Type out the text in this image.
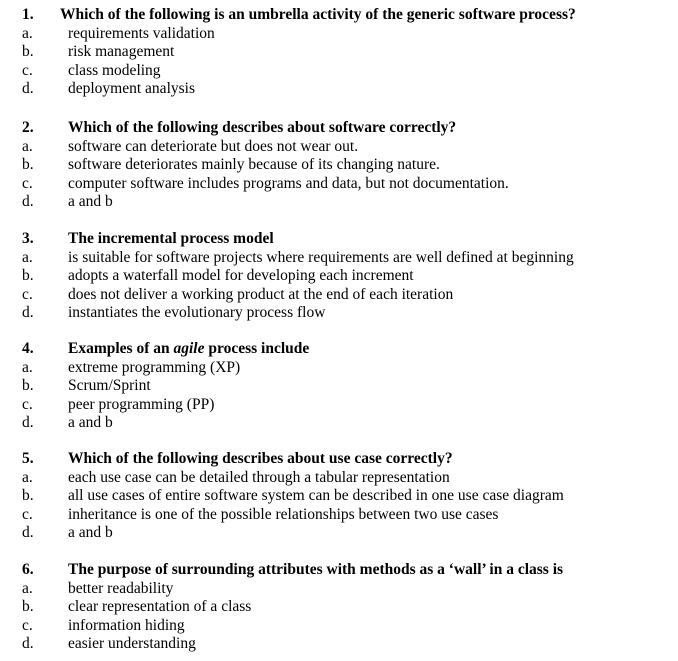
1. Which of the following is an umbrella activity of the generic software process?
a. requirements validation
b. risk management
c. class modeling
d. deployment analysis
2. Which of the following describes about software correctly?
a. software can deteriorate but does not wear out.
b. software deteriorates mainly because of its changing nature.
c. computer software includes programs and data, but not documentation.
d. a and b
3. The incremental process model
a. is suitable for software projects where requirements are well defined at beginning
b. adopts a waterfall model for developing each increment
c. does not deliver a working product at the end of each iteration
d. instantiates the evolutionary process flow
4. Examples of an agile process include
a. extreme programming (XP)
b. Scrum/Sprint
c. peer programming (PP)
d. a and b
5. Which of the following describes about use case correctly?
a. each use case can be detailed through a tabular representation
b. all use cases of entire software system can be described in one use case diagram
c. inheritance is one of the possible relationships between two use cases
d. a and b
6. The purpose of surrounding attributes with methods as a ‘wall’ in a class is
a. better readability
b. clear representation of a class
c. information hiding
d. easier understanding
